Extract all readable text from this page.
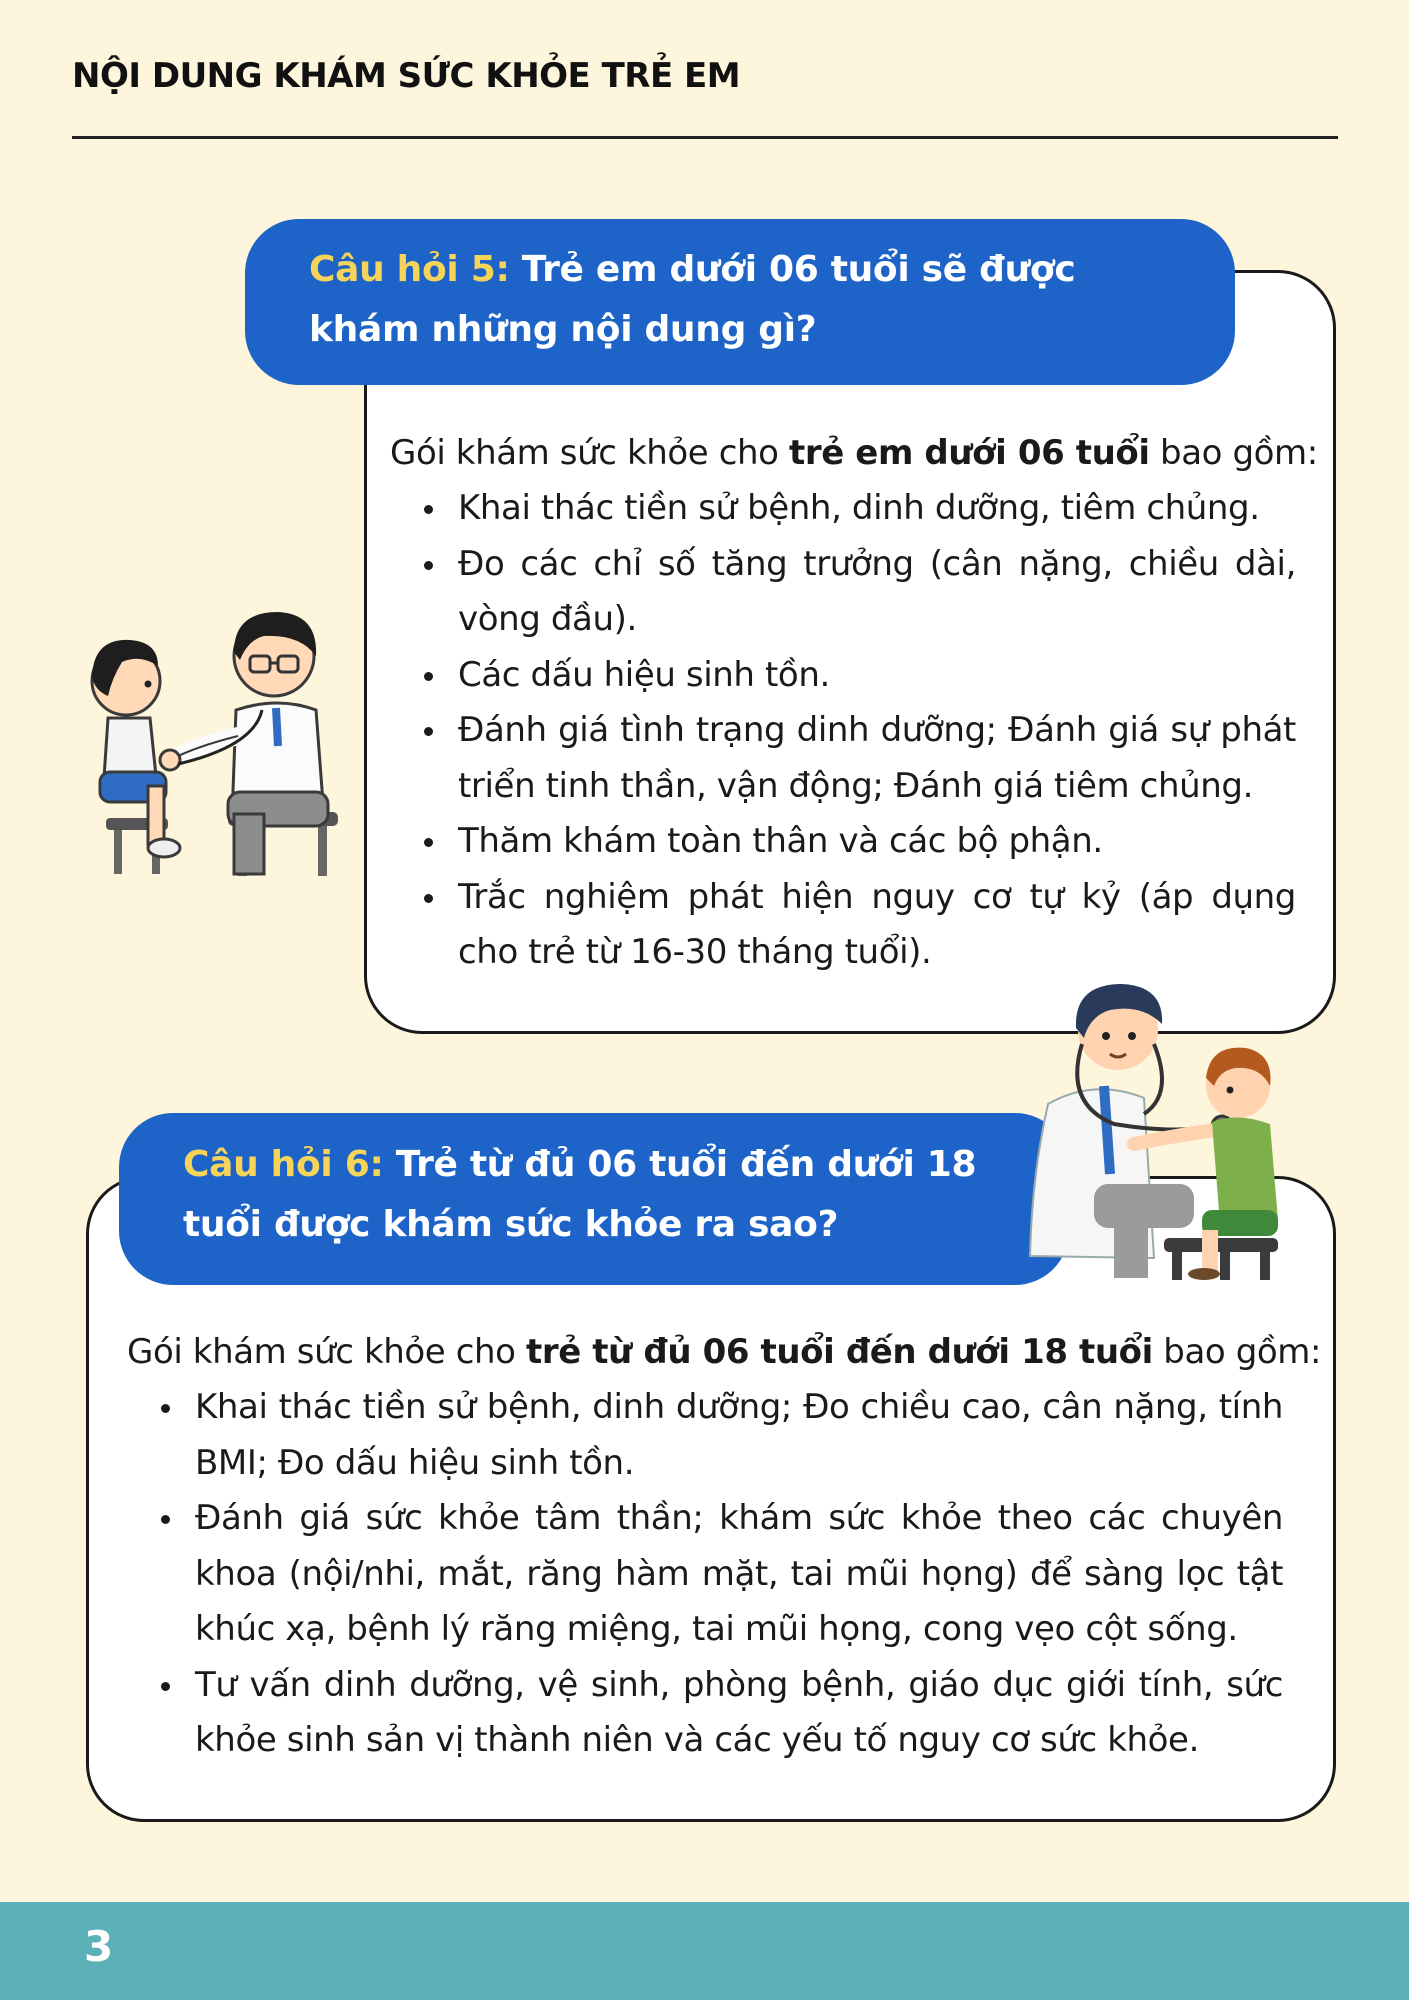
NỘI DUNG KHÁM SỨC KHỎE TRẺ EM
Câu hỏi 5: Trẻ em dưới 06 tuổi sẽ được khám những nội dung gì?
Gói khám sức khỏe cho trẻ em dưới 06 tuổi bao gồm:
Khai thác tiền sử bệnh, dinh dưỡng, tiêm chủng.
Đo các chỉ số tăng trưởng (cân nặng, chiều dài, vòng đầu).
Các dấu hiệu sinh tồn.
Đánh giá tình trạng dinh dưỡng; Đánh giá sự phát triển tinh thần, vận động; Đánh giá tiêm chủng.
Thăm khám toàn thân và các bộ phận.
Trắc nghiệm phát hiện nguy cơ tự kỷ (áp dụng cho trẻ từ 16-30 tháng tuổi).
Câu hỏi 6: Trẻ từ đủ 06 tuổi đến dưới 18 tuổi được khám sức khỏe ra sao?
Gói khám sức khỏe cho trẻ từ đủ 06 tuổi đến dưới 18 tuổi bao gồm:
Khai thác tiền sử bệnh, dinh dưỡng; Đo chiều cao, cân nặng, tính BMI; Đo dấu hiệu sinh tồn.
Đánh giá sức khỏe tâm thần; khám sức khỏe theo các chuyên khoa (nội/nhi, mắt, răng hàm mặt, tai mũi họng) để sàng lọc tật khúc xạ, bệnh lý răng miệng, tai mũi họng, cong vẹo cột sống.
Tư vấn dinh dưỡng, vệ sinh, phòng bệnh, giáo dục giới tính, sức khỏe sinh sản vị thành niên và các yếu tố nguy cơ sức khỏe.
3
